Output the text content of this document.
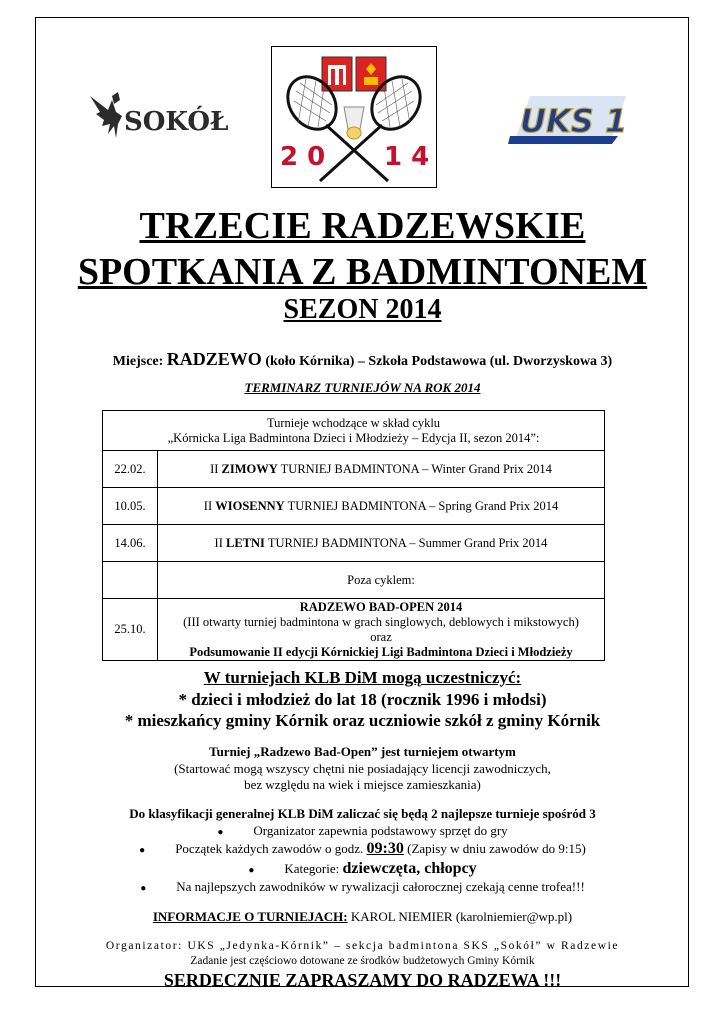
SOKÓŁ
2 0 1 4
UKS 1
TRZECIE RADZEWSKIE
SPOTKANIA Z BADMINTONEM
SEZON 2014
Miejsce: RADZEWO (koło Kórnika) – Szkoła Podstawowa (ul. Dworzyskowa 3)
TERMINARZ TURNIEJÓW NA ROK 2014
Turnieje wchodzące w skład cyklu
„Kórnicka Liga Badmintona Dzieci i Młodzieży – Edycja II, sezon 2014”:	

22.02.	II ZIMOWY TURNIEJ BADMINTONA – Winter Grand Prix 2014
10.05.	II WIOSENNY TURNIEJ BADMINTONA – Spring Grand Prix 2014
14.06.	II LETNI TURNIEJ BADMINTONA – Summer Grand Prix 2014
	Poza cyklem:
25.10.	RADZEWO BAD-OPEN 2014
(III otwarty turniej badmintona w grach singlowych, deblowych i mikstowych)
oraz
Podsumowanie II edycji Kórnickiej Ligi Badmintona Dzieci i Młodzieży
W turniejach KLB DiM mogą uczestniczyć:
* dzieci i młodzież do lat 18 (rocznik 1996 i młodsi)
* mieszkańcy gminy Kórnik oraz uczniowie szkół z gminy Kórnik
Turniej „Radzewo Bad-Open” jest turniejem otwartym
(Startować mogą wszyscy chętni nie posiadający licencji zawodniczych,
bez względu na wiek i miejsce zamieszkania)
Do klasyfikacji generalnej KLB DiM zaliczać się będą 2 najlepsze turnieje spośród 3
● Organizator zapewnia podstawowy sprzęt do gry
● Początek każdych zawodów o godz. 09:30 (Zapisy w dniu zawodów do 9:15)
● Kategorie: dziewczęta, chłopcy
● Na najlepszych zawodników w rywalizacji całorocznej czekają cenne trofea!!!
INFORMACJE O TURNIEJACH: KAROL NIEMIER (karolniemier@wp.pl)
Organizator: UKS „Jedynka-Kórnik” – sekcja badmintona SKS „Sokół” w Radzewie
Zadanie jest częściowo dotowane ze środków budżetowych Gminy Kórnik
SERDECZNIE ZAPRASZAMY DO RADZEWA !!!
